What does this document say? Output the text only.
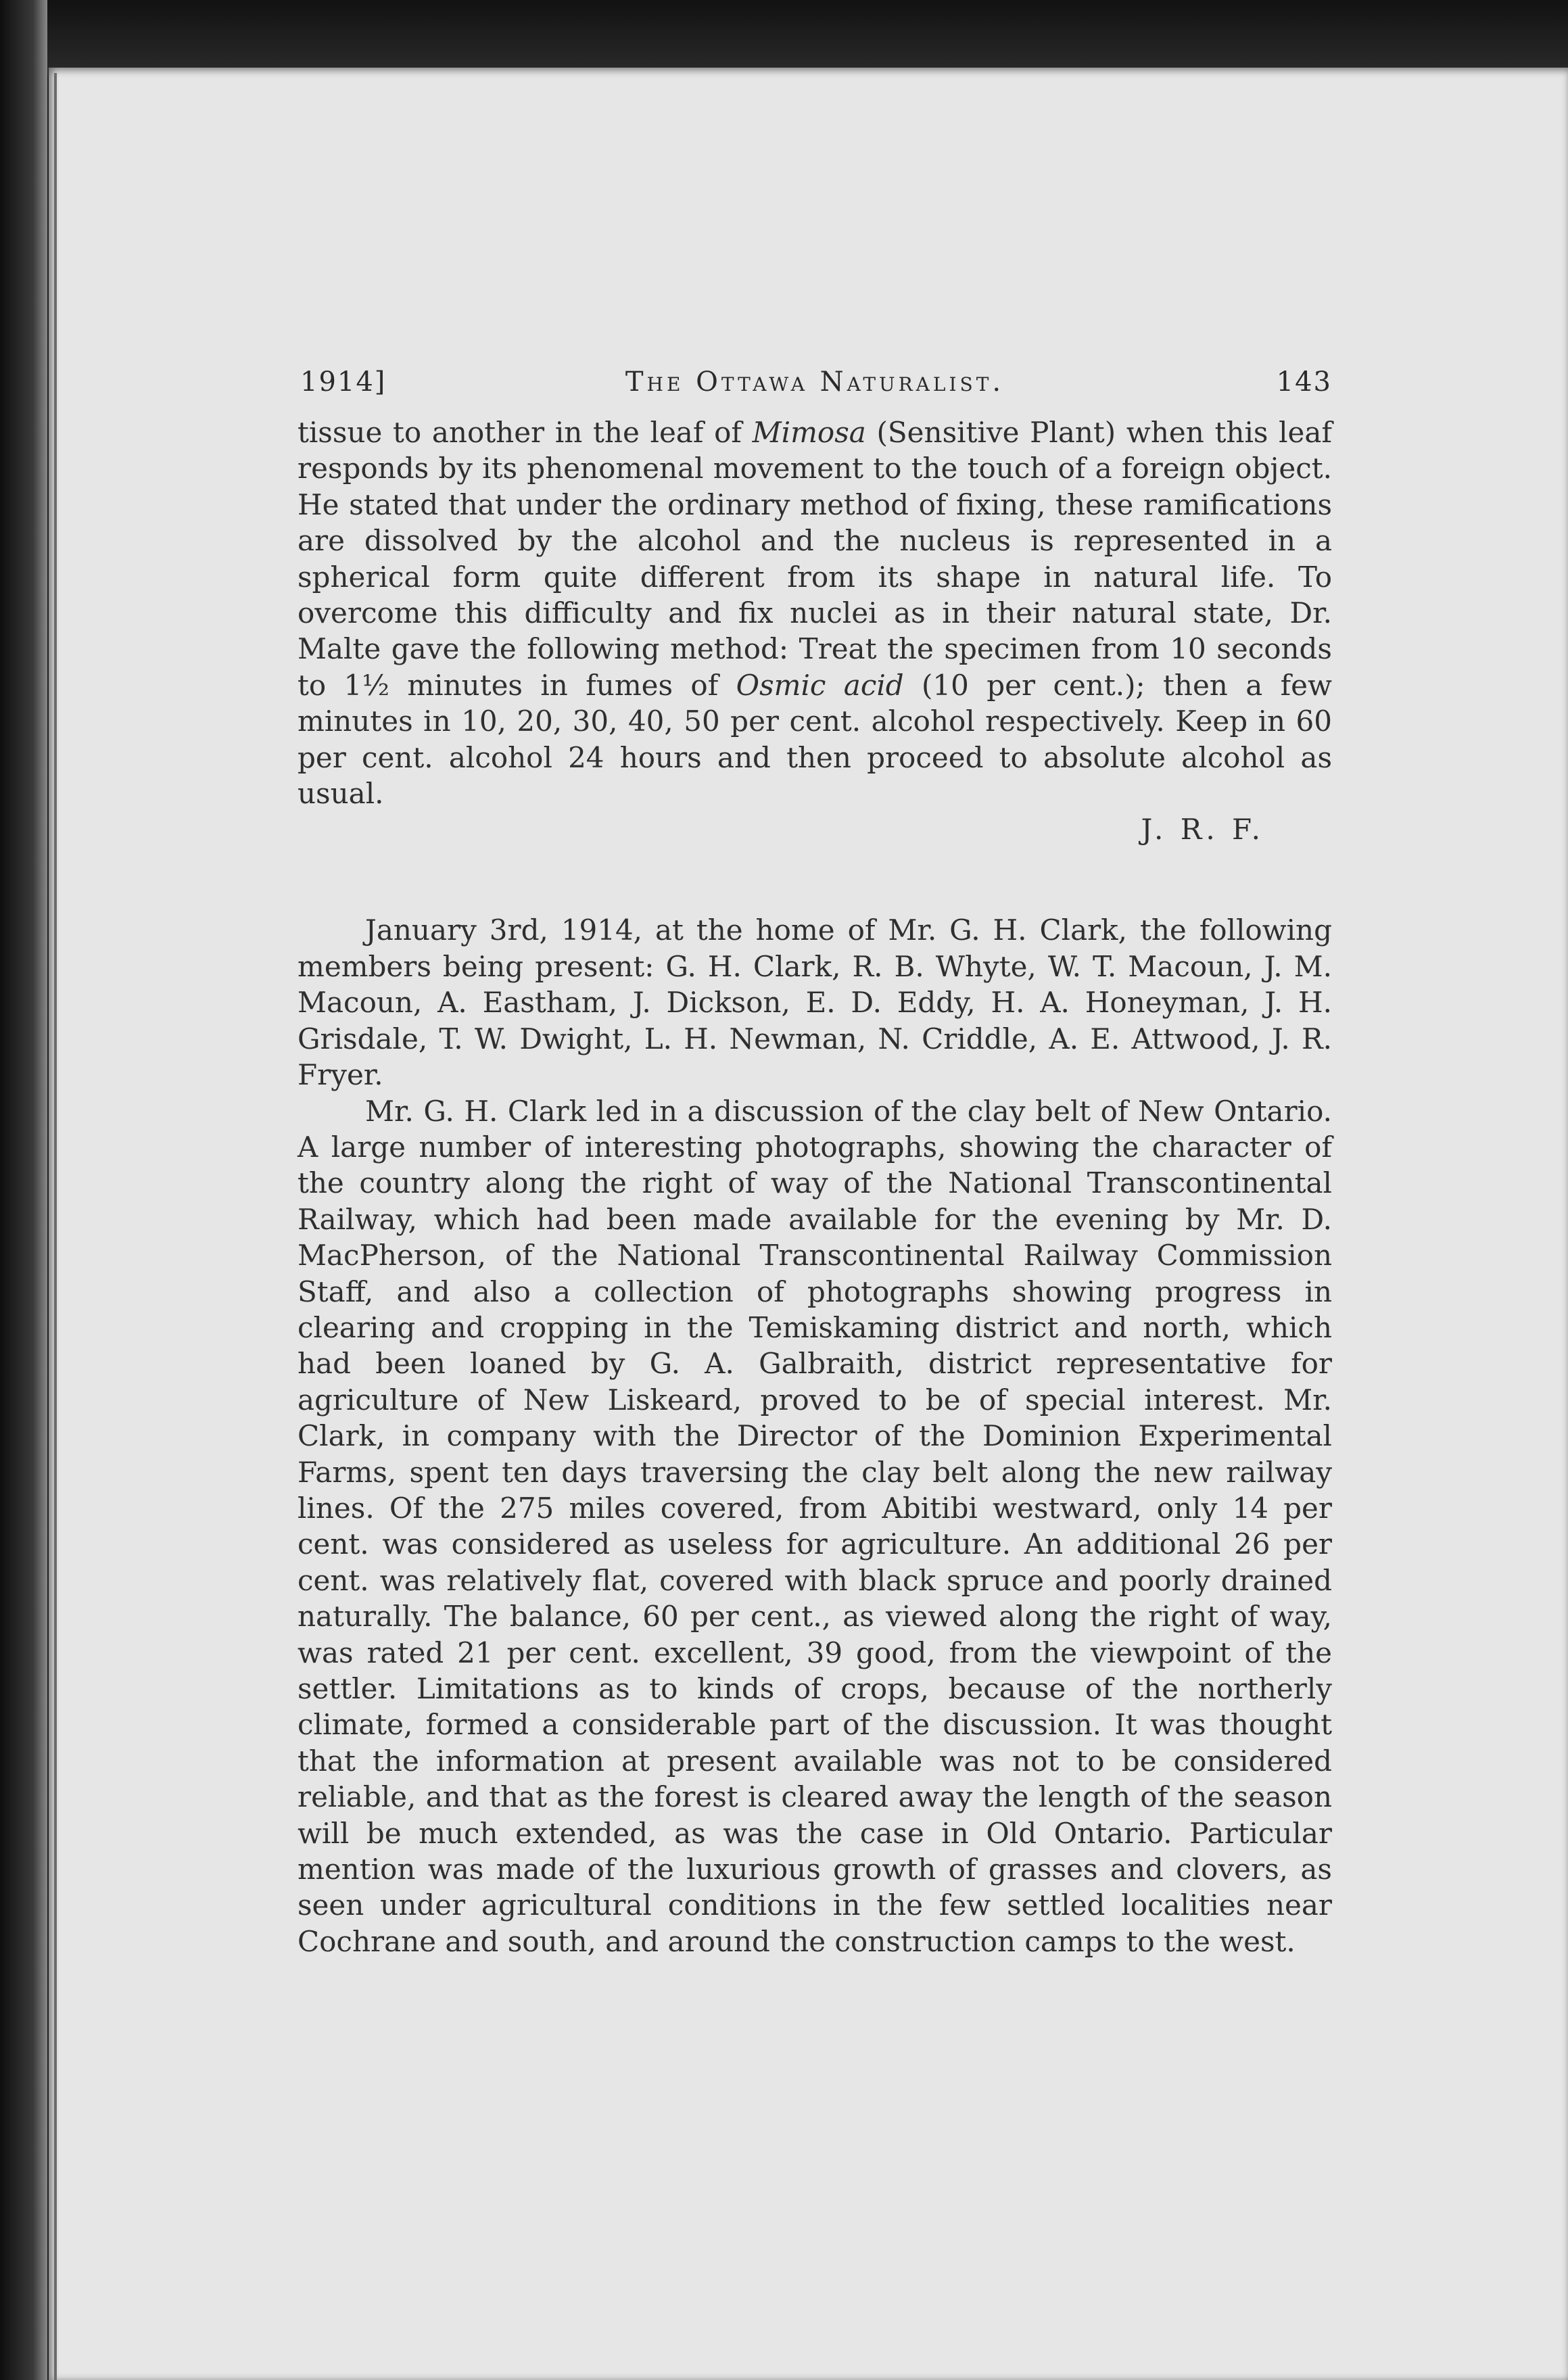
1914]	The Ottawa Naturalist.	143

tissue to another in the leaf of Mimosa (Sensitive Plant) when this leaf responds by its phenomenal movement to the touch of a foreign object. He stated that under the ordinary method of fixing, these ramifications are dissolved by the alcohol and the nucleus is represented in a spherical form quite different from its shape in natural life. To overcome this difficulty and fix nuclei as in their natural state, Dr. Malte gave the following method: Treat the specimen from 10 seconds to 1½ minutes in fumes of Osmic acid (10 per cent.); then a few minutes in 10, 20, 30, 40, 50 per cent. alcohol respectively. Keep in 60 per cent. alcohol 24 hours and then proceed to absolute alcohol as usual.

J. R. F.

January 3rd, 1914, at the home of Mr. G. H. Clark, the following members being present: G. H. Clark, R. B. Whyte, W. T. Macoun, J. M. Macoun, A. Eastham, J. Dickson, E. D. Eddy, H. A. Honeyman, J. H. Grisdale, T. W. Dwight, L. H. Newman, N. Criddle, A. E. Attwood, J. R. Fryer.

Mr. G. H. Clark led in a discussion of the clay belt of New Ontario. A large number of interesting photographs, showing the character of the country along the right of way of the National Transcontinental Railway, which had been made available for the evening by Mr. D. MacPherson, of the National Transcontinental Railway Commission Staff, and also a collection of photographs showing progress in clearing and cropping in the Temiskaming district and north, which had been loaned by G. A. Galbraith, district representative for agriculture of New Liskeard, proved to be of special interest. Mr. Clark, in company with the Director of the Dominion Experimental Farms, spent ten days traversing the clay belt along the new railway lines. Of the 275 miles covered, from Abitibi westward, only 14 per cent. was considered as useless for agriculture. An additional 26 per cent. was relatively flat, covered with black spruce and poorly drained naturally. The balance, 60 per cent., as viewed along the right of way, was rated 21 per cent. excellent, 39 good, from the viewpoint of the settler. Limitations as to kinds of crops, because of the northerly climate, formed a considerable part of the discussion. It was thought that the information at present available was not to be considered reliable, and that as the forest is cleared away the length of the season will be much extended, as was the case in Old Ontario. Particular mention was made of the luxurious growth of grasses and clovers, as seen under agricultural conditions in the few settled localities near Cochrane and south, and around the construction camps to the west.
